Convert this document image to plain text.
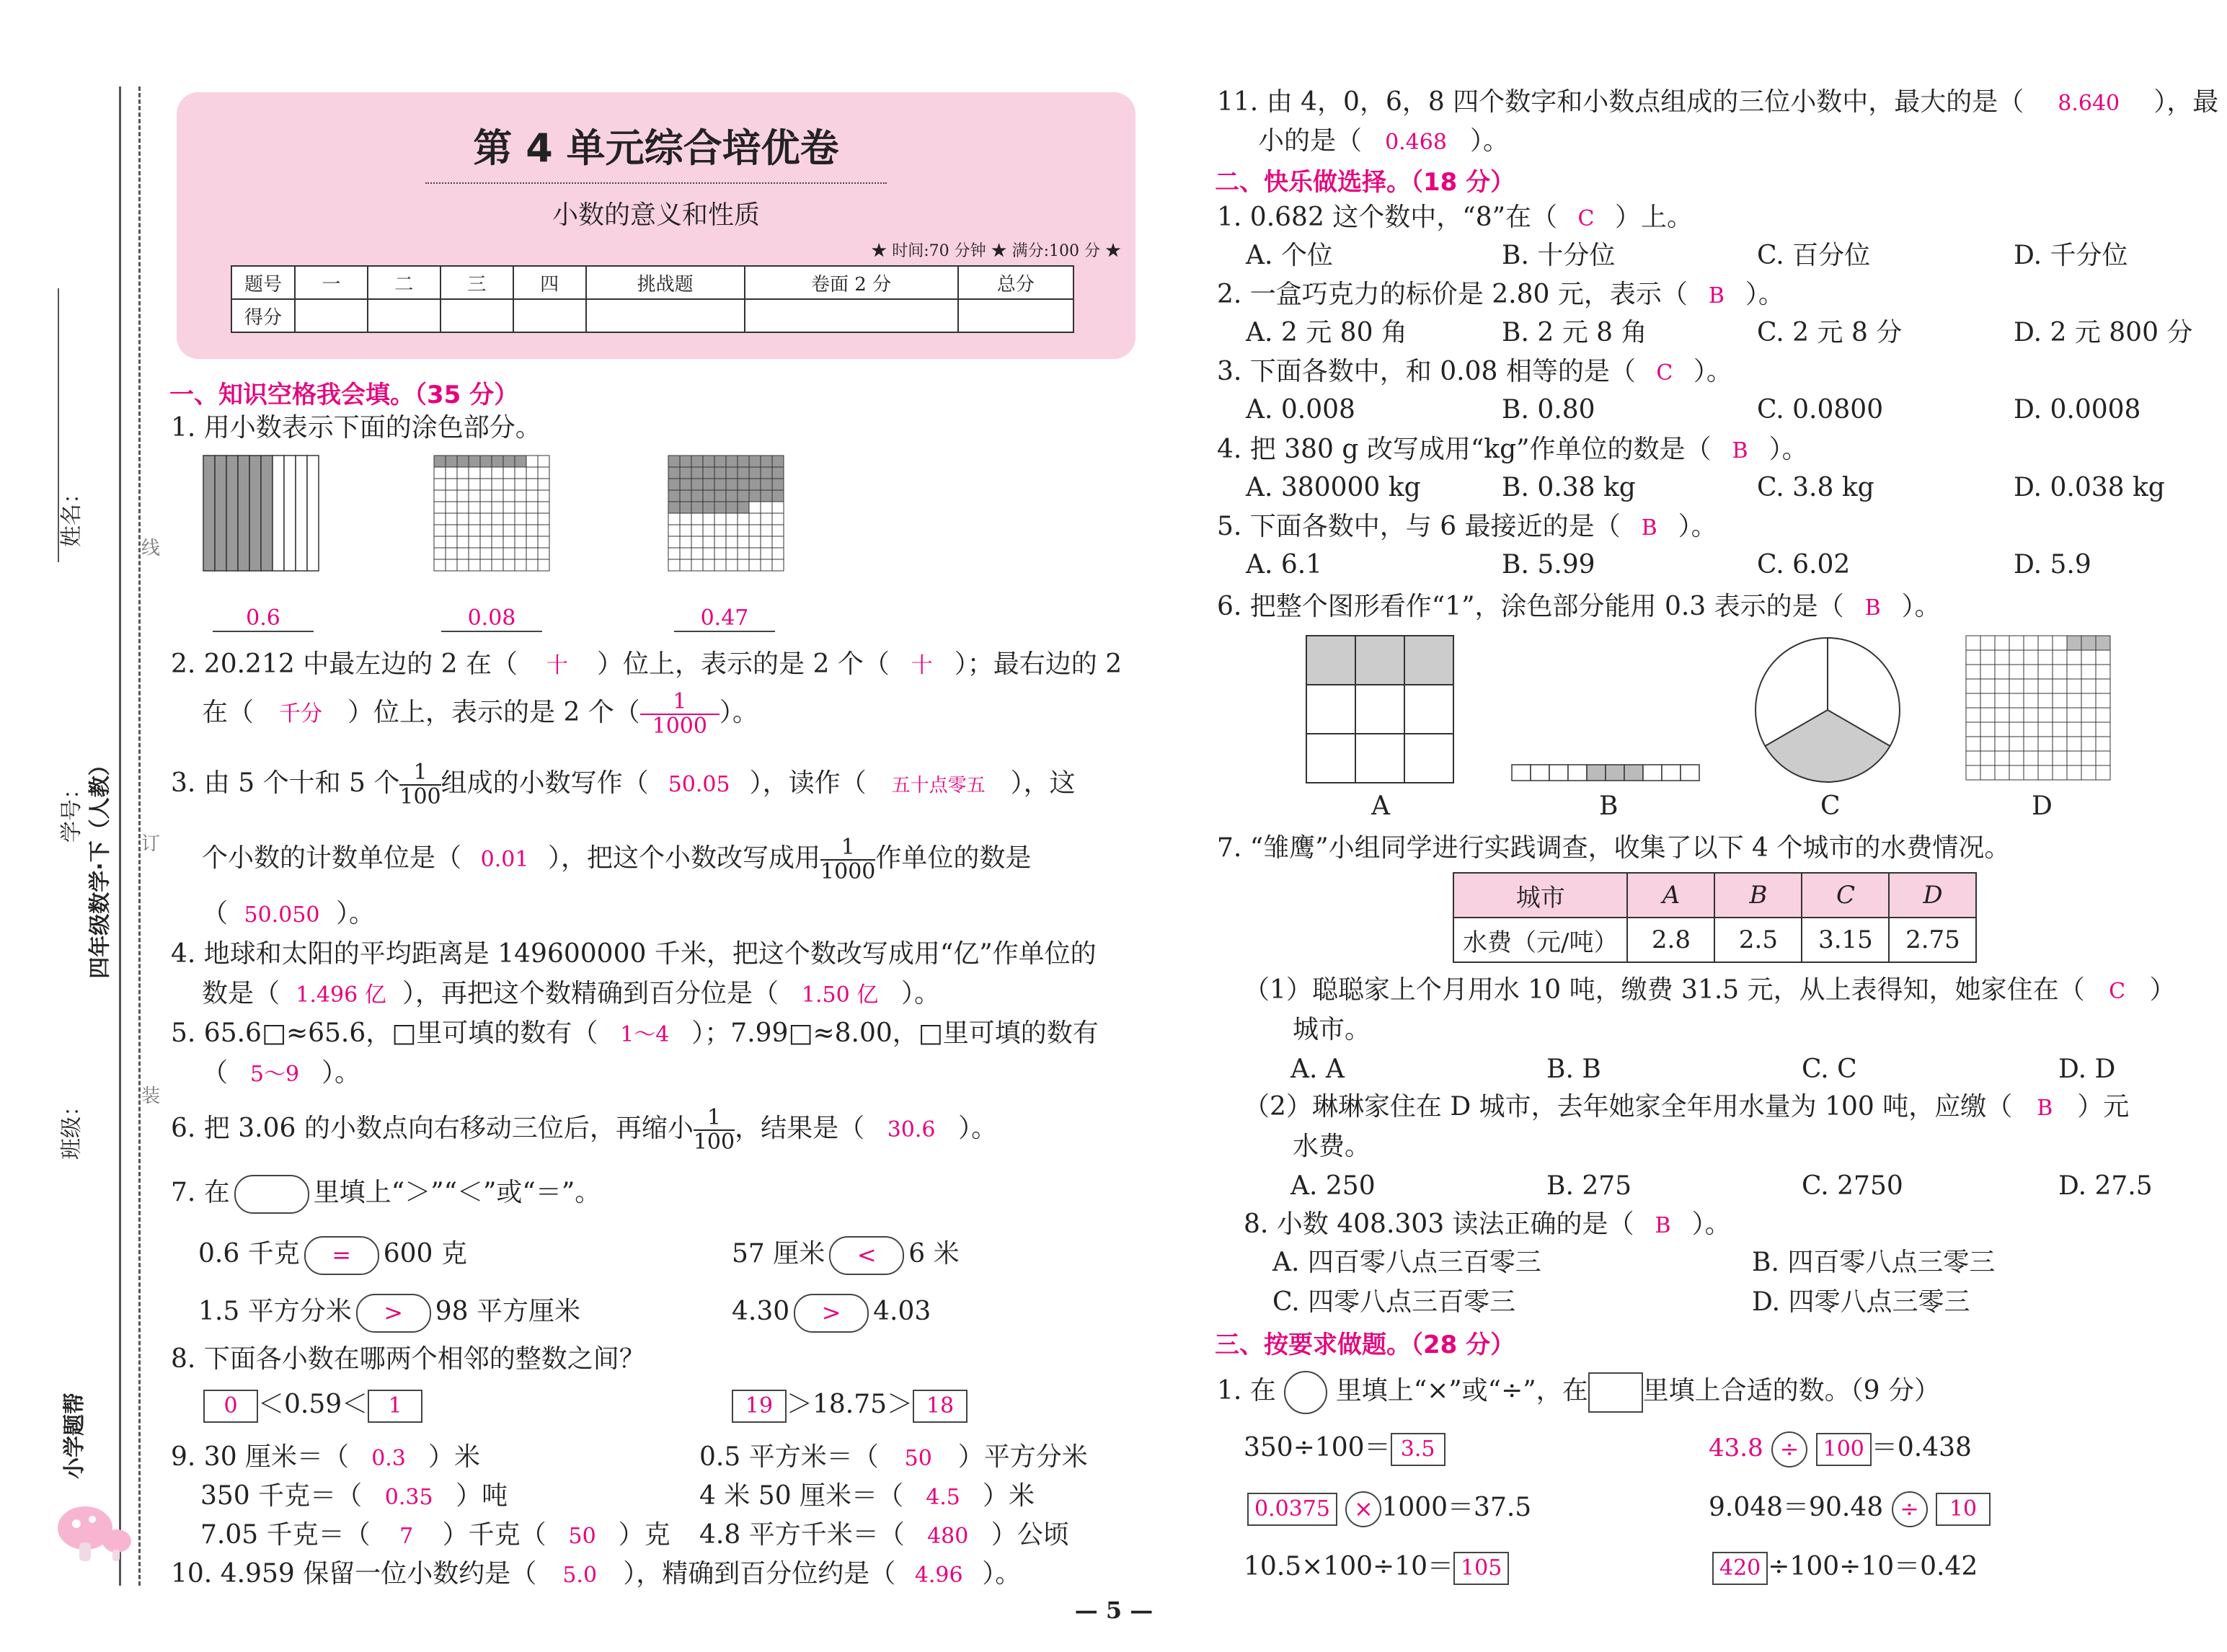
姓名：
学号：
班级：
四年级数学·下（人教）
小学题帮
线
订
装
第 4 单元综合培优卷
小数的意义和性质
★ 时间:70 分钟 ★ 满分:100 分 ★
题号	一	二	三	四	挑战题	卷面 2 分	总分
得分							
一、知识空格我会填。（35 分）
1. 用小数表示下面的涂色部分。
0.6	0.08	0.47
2. 20.212 中最左边的 2 在（ 十 ）位上，表示的是 2 个（ 十 ）；最右边的 2
在（ 千分 ）位上，表示的是 2 个（ $\frac{1}{1000}$ ）。
3. 由 5 个十和 5 个 $\frac{1}{100}$ 组成的小数写作（ 50.05 ），读作（ 五十点零五 ），这
个小数的计数单位是（ 0.01 ），把这个小数改写成用 $\frac{1}{1000}$ 作单位的数是
（ 50.050 ）。
4. 地球和太阳的平均距离是 149600000 千米，把这个数改写成用“亿”作单位的
数是（ 1.496 亿 ），再把这个数精确到百分位是（ 1.50 亿 ）。
5. 65.6□≈65.6，□里可填的数有（ 1～4 ）；7.99□≈8.00，□里可填的数有
（ 5～9 ）。
6. 把 3.06 的小数点向右移动三位后，再缩小 $\frac{1}{100}$ ，结果是（ 30.6 ）。
7. 在	里填上“＞”“＜”或“＝”。
0.6 千克 = 600 克	57 厘米 < 6 米
1.5 平方分米 > 98 平方厘米	4.30 > 4.03
8. 下面各小数在哪两个相邻的整数之间？
0 ＜0.59＜ 1	19 ＞18.75＞ 18
9. 30 厘米＝（ 0.3 ）米	0.5 平方米＝（ 50 ）平方分米
350 千克＝（ 0.35 ）吨	4 米 50 厘米＝（ 4.5 ）米
7.05 千克＝（ 7 ）千克（ 50 ）克 4.8 平方千米＝（ 480 ）公顷
10. 4.959 保留一位小数约是（ 5.0 ），精确到百分位约是（ 4.96 ）。
11. 由 4，0，6，8 四个数字和小数点组成的三位小数中，最大的是（ 8.640 ），最
小的是（ 0.468 ）。
二、快乐做选择。（18 分）
6. 把整个图形看作“1”，涂色部分能用 0.3 表示的是（ B ）。
A	B	C	D
7. “雏鹰”小组同学进行实践调查，收集了以下 4 个城市的水费情况。
城市	A	B	C	D
水费（元/吨）	2.8	2.5	3.15	2.75
（1）聪聪家上个月用水 10 吨，缴费 31.5 元，从上表得知，她家住在（ C ）
城市。
（2）琳琳家住在 D 城市，去年她家全年用水量为 100 吨，应缴（ B ）元
水费。
8. 小数 408.303 读法正确的是（ B ）。
A. 四百零八点三百零三	B. 四百零八点三零三
C. 四零八点三百零三	D. 四零八点三零三
三、按要求做题。（28 分）
1. 在 里填上“×”或“÷”，在 里填上合适的数。（9 分）
350÷100＝ 3.5	43.8 ÷ 100 ＝0.438
0.0375 × 1000＝37.5	9.048＝90.48 ÷ 10
10.5×100÷10＝ 105	420 ÷100÷10＝0.42
— 5 —
1. 0.682 这个数中，“8”在（ C ）上。
A. 个位	B. 十分位	C. 百分位	D. 千分位
2. 一盒巧克力的标价是 2.80 元，表示（ B ）。
A. 2 元 80 角	B. 2 元 8 角	C. 2 元 8 分	D. 2 元 800 分
3. 下面各数中，和 0.08 相等的是（ C ）。
A. 0.008	B. 0.80	C. 0.0800	D. 0.0008
4. 把 380 g 改写成用“kg”作单位的数是（ B ）。
A. 380000 kg	B. 0.38 kg	C. 3.8 kg	D. 0.038 kg
5. 下面各数中，与 6 最接近的是（ B ）。
A. 6.1	B. 5.99	C. 6.02	D. 5.9
A. A	B. B	C. C	D. D
A. 250	B. 275	C. 2750	D. 27.5
